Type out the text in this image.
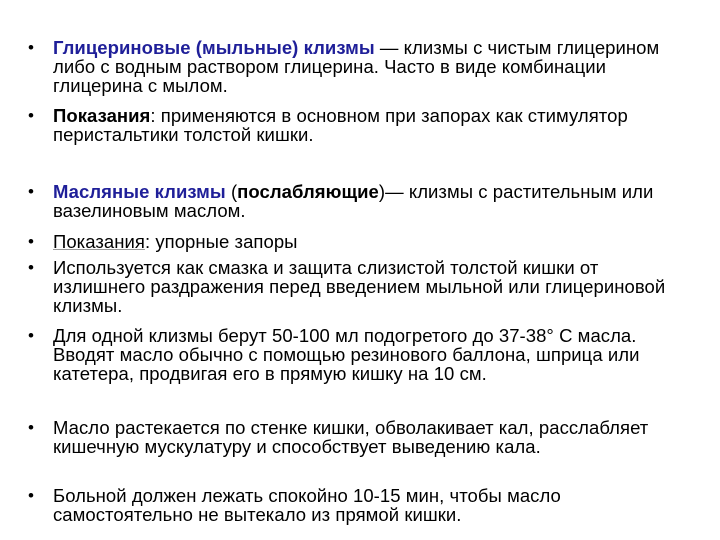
•	Глицериновые (мыльные) клизмы — клизмы с чистым глицерином либо с водным раствором глицерина. Часто в виде комбинации глицерина с мылом.
•	Показания: применяются в основном при запорах как стимулятор перистальтики толстой кишки.
•	Масляные клизмы (послабляющие)— клизмы с растительным или вазелиновым маслом.
•	Показания: упорные запоры
•	Используется как смазка и защита слизистой толстой кишки от излишнего раздражения перед введением мыльной или глицериновой клизмы.
•	Для одной клизмы берут 50-100 мл подогретого до 37-38° С масла. Вводят масло обычно с помощью резинового баллона, шприца или катетера, продвигая его в прямую кишку на 10 см.
•	Масло растекается по стенке кишки, обволакивает кал, расслабляет кишечную мускулатуру и способствует выведению кала.
•	Больной должен лежать спокойно 10-15 мин, чтобы масло самостоятельно не вытекало из прямой кишки.
